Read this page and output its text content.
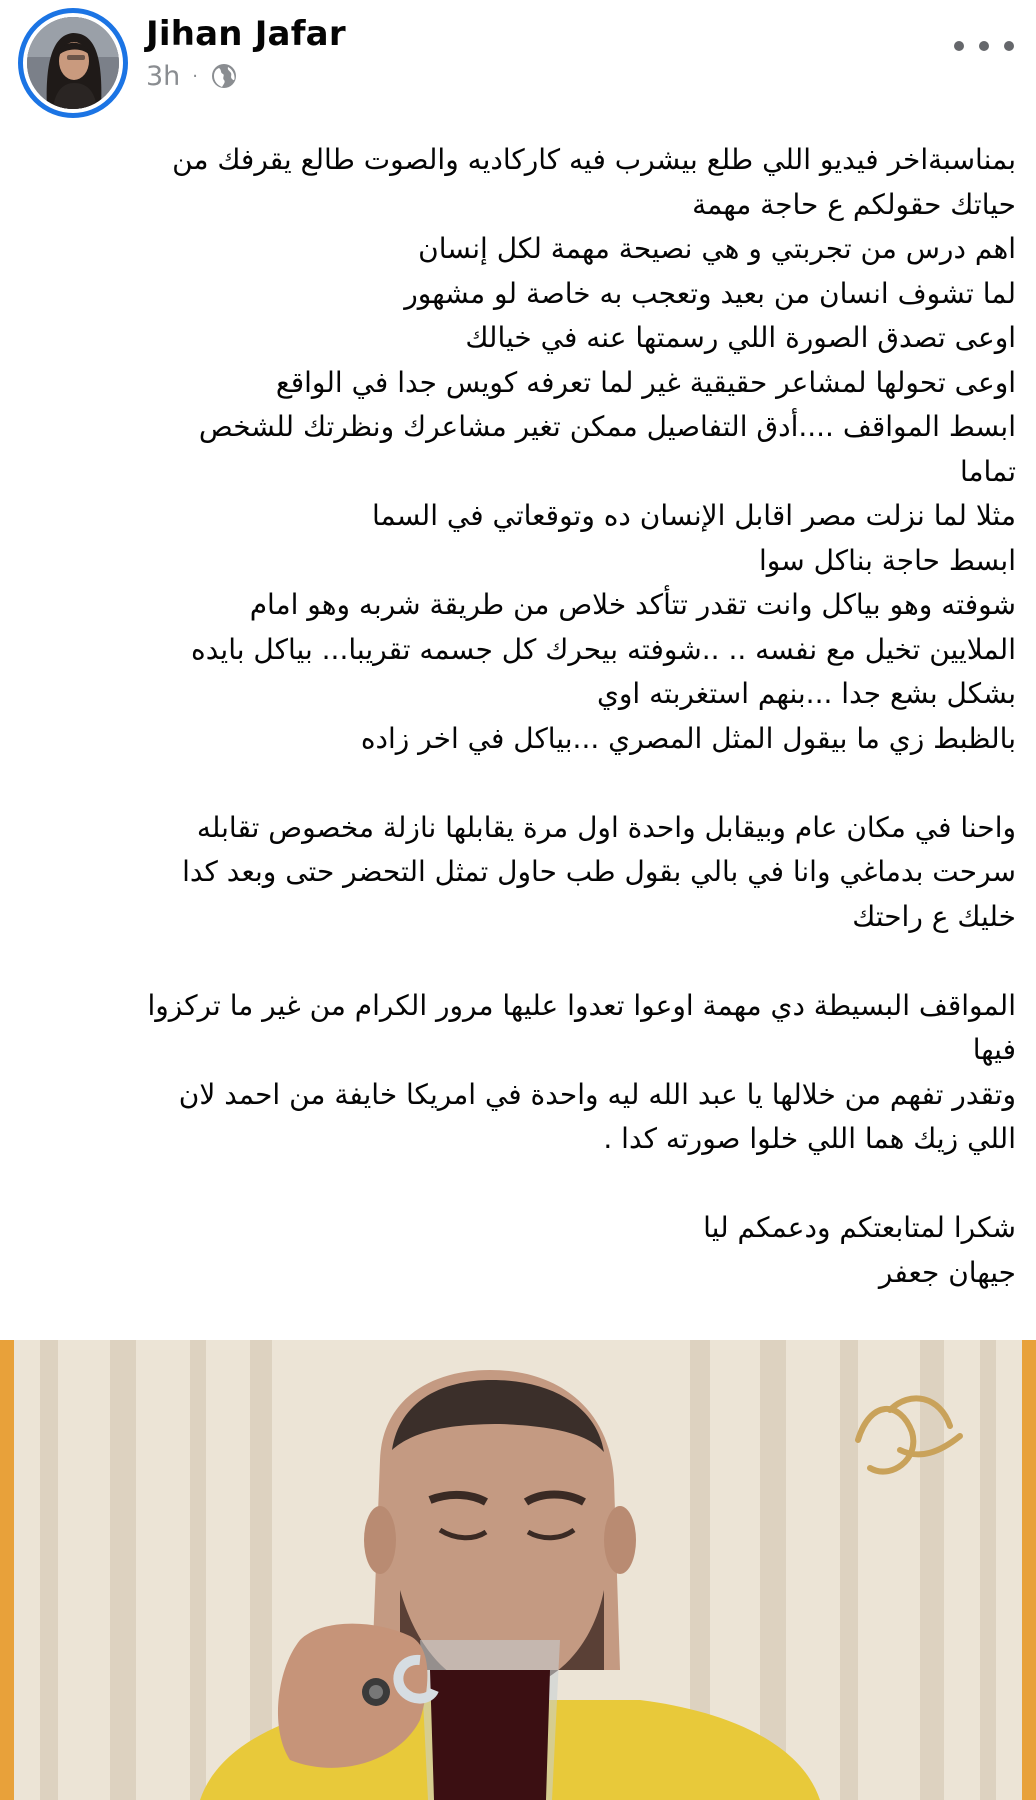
Jihan Jafar
3h ·
بمناسبةاخر فيديو اللي طلع بيشرب فيه كاركاديه والصوت طالع يقرفك من
حياتك حقولكم ع حاجة مهمة
اهم درس من تجربتي و هي نصيحة مهمة لكل إنسان
لما تشوف انسان من بعيد وتعجب به خاصة لو مشهور
اوعى تصدق الصورة اللي رسمتها عنه في خيالك
اوعى تحولها لمشاعر حقيقية غير لما تعرفه كويس جدا في الواقع
ابسط المواقف ....أدق التفاصيل ممكن تغير مشاعرك ونظرتك للشخص
تماما
مثلا لما نزلت مصر اقابل الإنسان ده وتوقعاتي في السما
ابسط حاجة بناكل سوا
شوفته وهو بياكل وانت تقدر تتأكد خلاص من طريقة شربه وهو امام
الملايين تخيل مع نفسه .. ..شوفته بيحرك كل جسمه تقريبا... بياكل بايده
بشكل بشع جدا ...بنهم استغربته اوي
بالظبط زي ما بيقول المثل المصري ...بياكل في اخر زاده
واحنا في مكان عام وبيقابل واحدة اول مرة يقابلها نازلة مخصوص تقابله
سرحت بدماغي وانا في بالي بقول طب حاول تمثل التحضر حتى وبعد كدا
خليك ع راحتك
المواقف البسيطة دي مهمة اوعوا تعدوا عليها مرور الكرام من غير ما تركزوا
فيها
وتقدر تفهم من خلالها يا عبد الله ليه واحدة في امريكا خايفة من احمد لان
اللي زيك هما اللي خلوا صورته كدا .
شكرا لمتابعتكم ودعمكم ليا
جيهان جعفر
